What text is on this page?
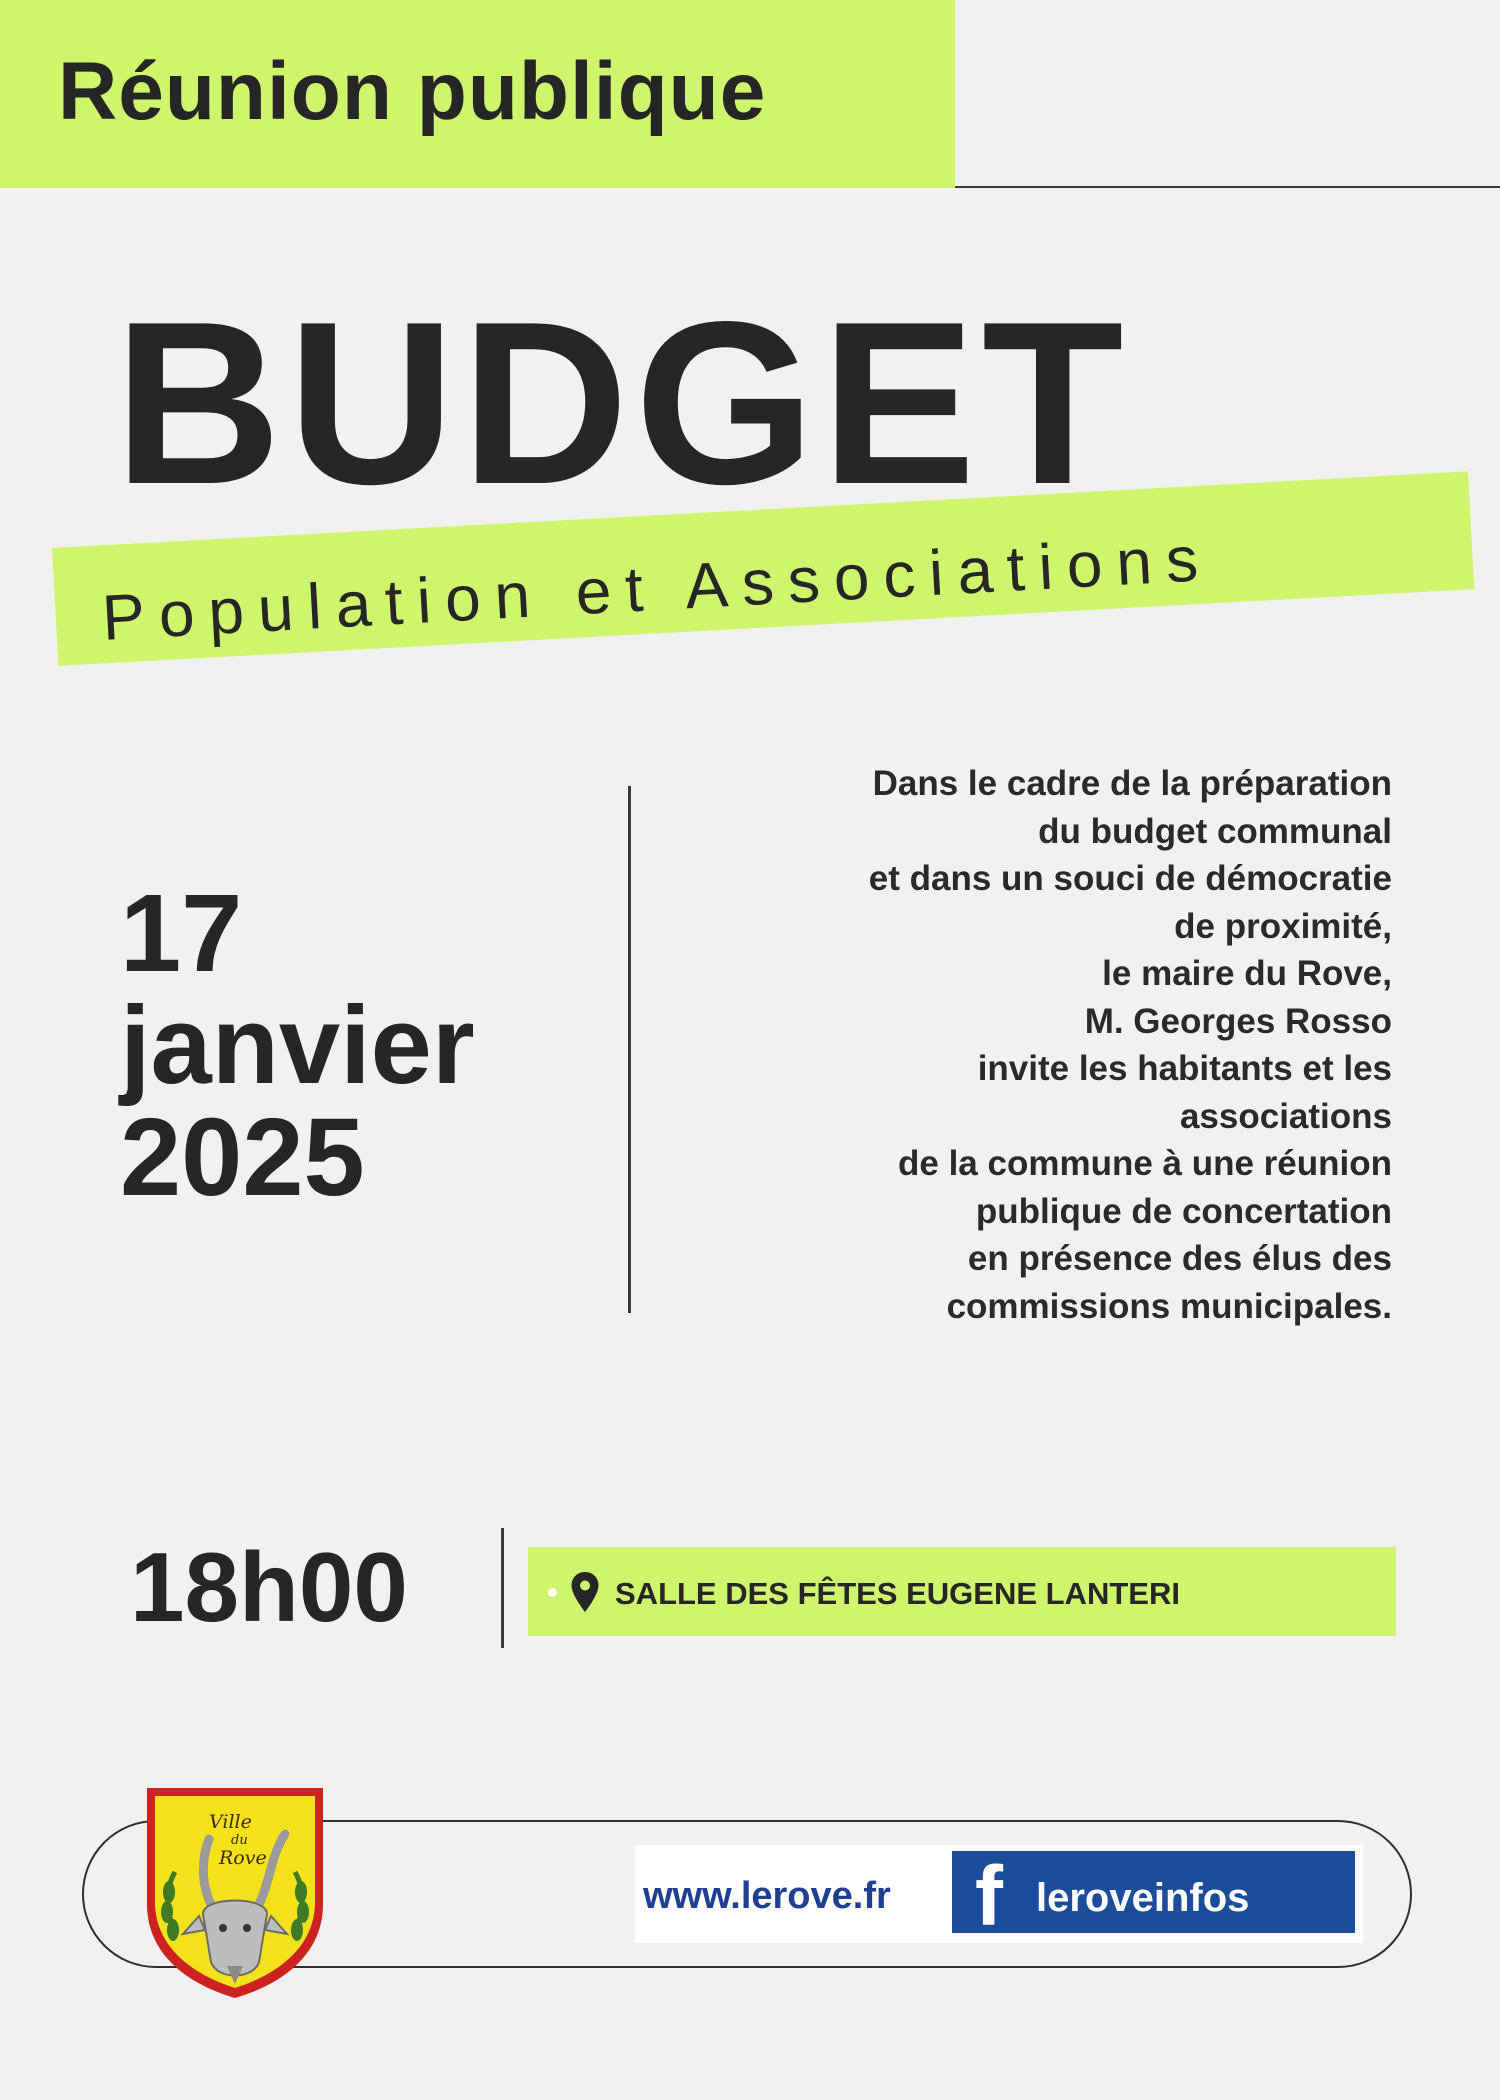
Réunion publique
BUDGET

Population et Associations

17
janvier
2025
Dans le cadre de la préparation
du budget communal
et dans un souci de démocratie
de proximité,
le maire du Rove,
M. Georges Rosso
invite les habitants et les
associations
de la commune à une réunion
publique de concertation
en présence des élus des
commissions municipales.

18h00	SALLE DES FÊTES EUGENE LANTERI
Ville
du
Rove
www.lerove.fr f leroveinfos
